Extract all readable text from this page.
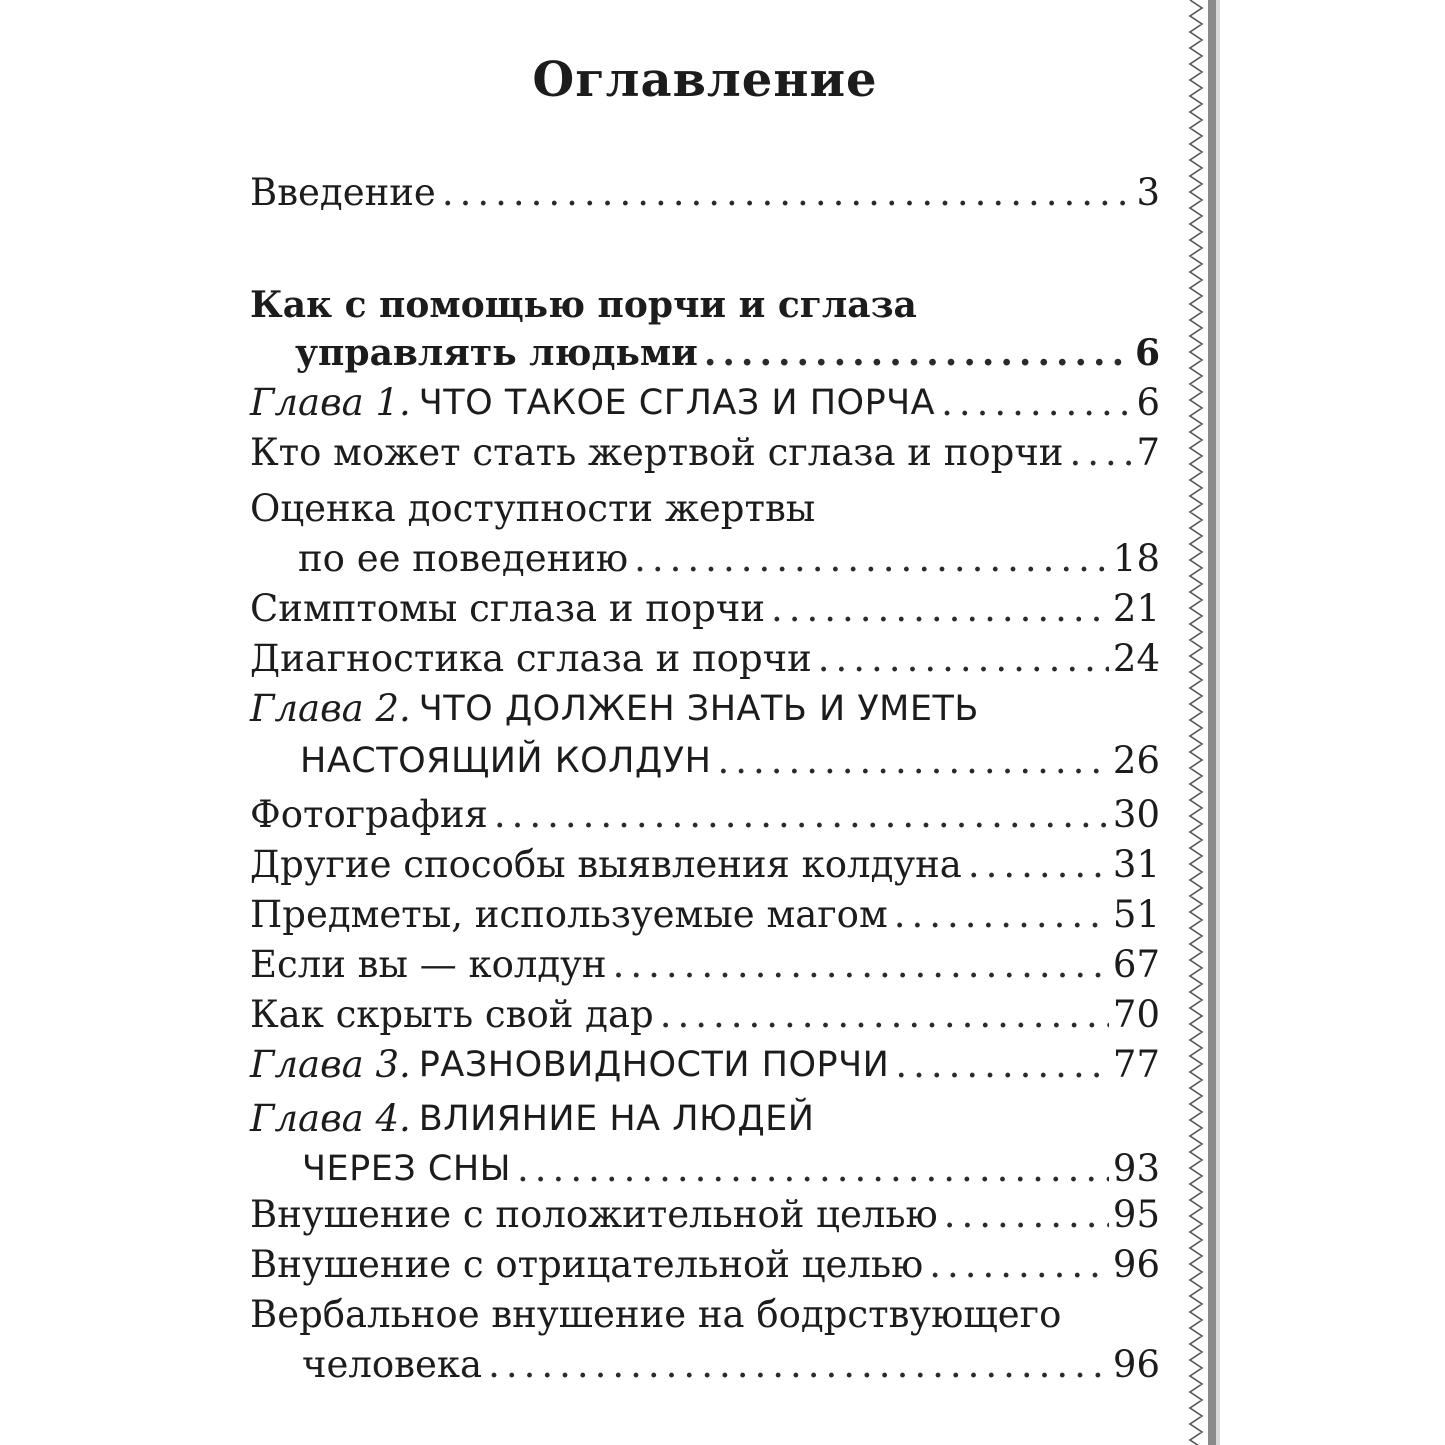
Оглавление
Введение .....	3
Как с помощью порчи и сглаза
управлять людьми .....	6
Глава 1. ЧТО ТАКОЕ СГЛАЗ И ПОРЧА .....	6
Кто может стать жертвой сглаза и порчи ..... 7
Оценка доступности жертвы
по ее поведению .....	18
Симптомы сглаза и порчи .....	21
Диагностика сглаза и порчи .....	24
Глава 2. ЧТО ДОЛЖЕН ЗНАТЬ И УМЕТЬ
НАСТОЯЩИЙ КОЛДУН .....	26
Фотография .....	30
Другие способы выявления колдуна .....	31
Предметы, используемые магом .....	51
Если вы — колдун .....	67
Как скрыть свой дар .....	70
Глава 3. РАЗНОВИДНОСТИ ПОРЧИ .....	77
Глава 4. ВЛИЯНИЕ НА ЛЮДЕЙ
ЧЕРЕЗ СНЫ .....	93
Внушение с положительной целью .....	95
Внушение с отрицательной целью .....	96
Вербальное внушение на бодрствующего
человека .....	96
